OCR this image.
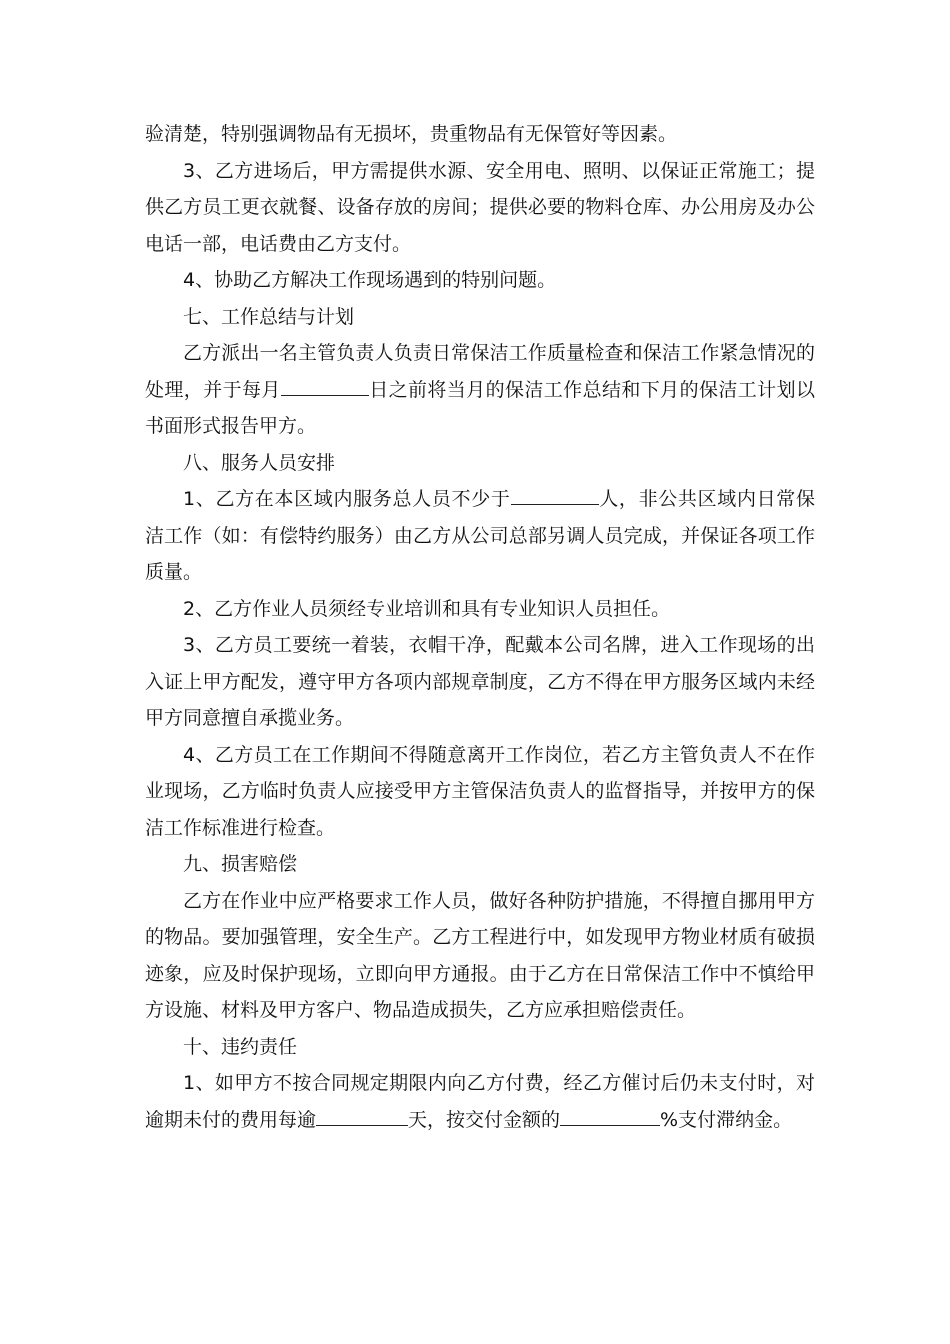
验清楚，特别强调物品有无损坏，贵重物品有无保管好等因素。

3、乙方进场后，甲方需提供水源、安全用电、照明、以保证正常施工；提供乙方员工更衣就餐、设备存放的房间；提供必要的物料仓库、办公用房及办公电话一部，电话费由乙方支付。

4、协助乙方解决工作现场遇到的特别问题。

七、工作总结与计划

乙方派出一名主管负责人负责日常保洁工作质量检查和保洁工作紧急情况的处理，并于每月	日之前将当月的保洁工作总结和下月的保洁工计划以书面形式报告甲方。

八、服务人员安排

1、乙方在本区域内服务总人员不少于	人，非公共区域内日常保洁工作（如：有偿特约服务）由乙方从公司总部另调人员完成，并保证各项工作质量。

2、乙方作业人员须经专业培训和具有专业知识人员担任。

3、乙方员工要统一着装，衣帽干净，配戴本公司名牌，进入工作现场的出入证上甲方配发，遵守甲方各项内部规章制度，乙方不得在甲方服务区域内未经甲方同意擅自承揽业务。

4、乙方员工在工作期间不得随意离开工作岗位，若乙方主管负责人不在作业现场，乙方临时负责人应接受甲方主管保洁负责人的监督指导，并按甲方的保洁工作标准进行检查。

九、损害赔偿

乙方在作业中应严格要求工作人员，做好各种防护措施，不得擅自挪用甲方的物品。要加强管理，安全生产。乙方工程进行中，如发现甲方物业材质有破损迹象，应及时保护现场，立即向甲方通报。由于乙方在日常保洁工作中不慎给甲方设施、材料及甲方客户、物品造成损失，乙方应承担赔偿责任。

十、违约责任

1、如甲方不按合同规定期限内向乙方付费，经乙方催讨后仍未支付时，对逾期未付的费用每逾	天，按交付金额的	%支付滞纳金。
